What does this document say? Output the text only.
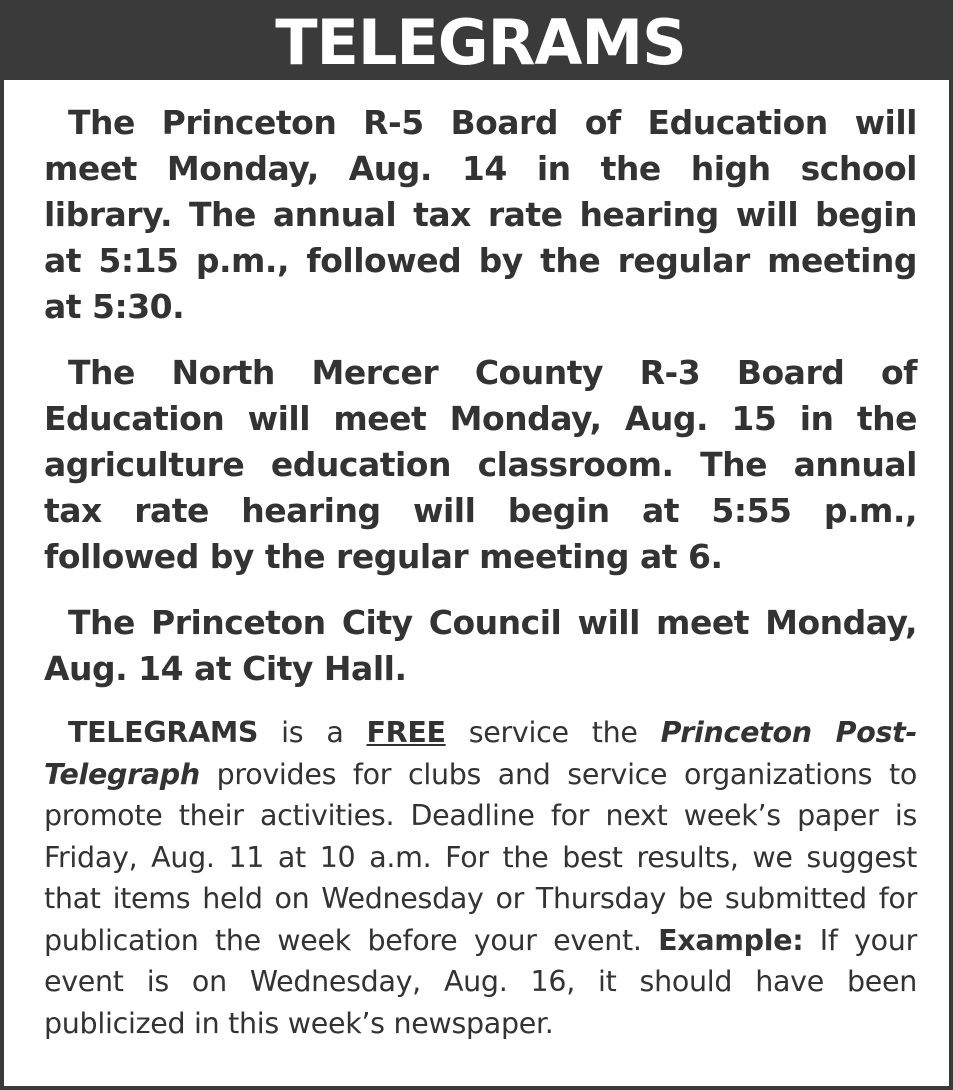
TELEGRAMS

The Princeton R-5 Board of Education will meet Monday, Aug. 14 in the high school library. The annual tax rate hearing will begin at 5:15 p.m., followed by the regular meeting at 5:30.

The North Mercer County R-3 Board of Education will meet Monday, Aug. 15 in the agriculture education classroom. The annual tax rate hearing will begin at 5:55 p.m., followed by the regular meeting at 6.

The Princeton City Council will meet Monday, Aug. 14 at City Hall.

TELEGRAMS is a FREE service the Princeton Post-Telegraph provides for clubs and service organizations to promote their activities. Deadline for next week’s paper is Friday, Aug. 11 at 10 a.m. For the best results, we suggest that items held on Wednesday or Thursday be submitted for publication the week before your event. Example: If your event is on Wednesday, Aug. 16, it should have been publicized in this week’s newspaper.
